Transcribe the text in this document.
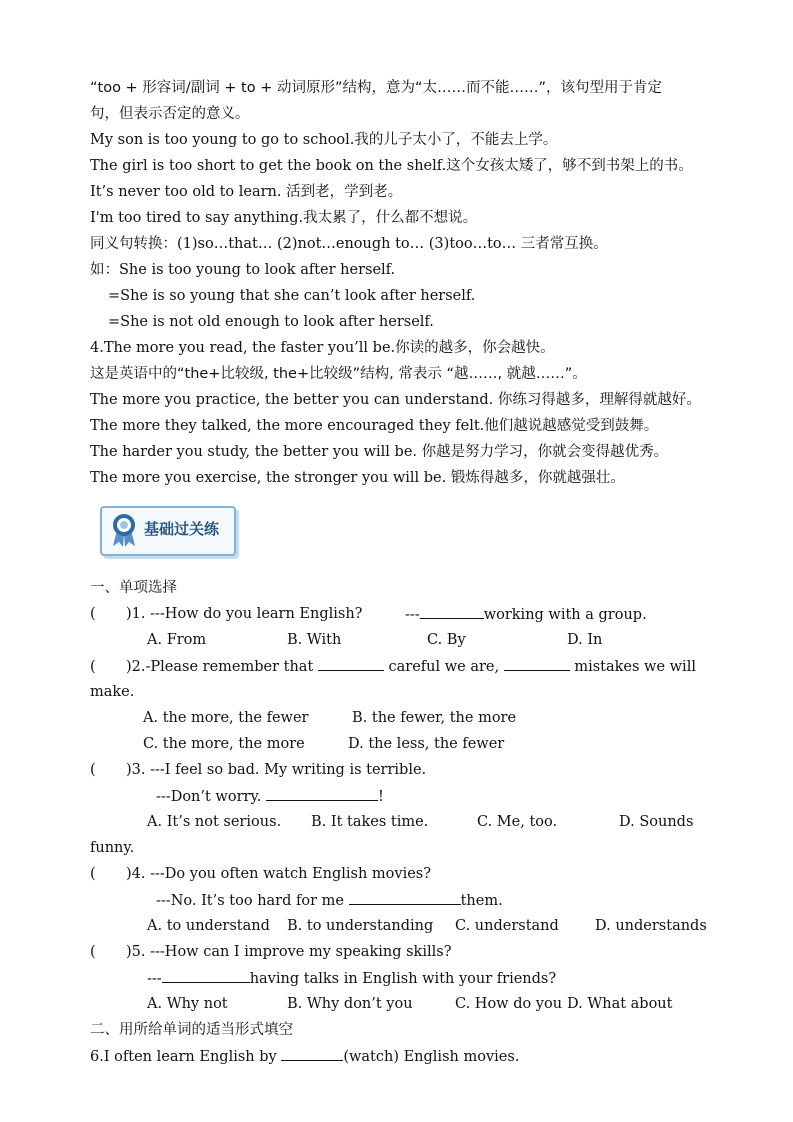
“too + 形容词/副词 + to + 动词原形”结构，意为“太……而不能……”，该句型用于肯定
句，但表示否定的意义。
My son is too young to go to school.我的儿子太小了，不能去上学。
The girl is too short to get the book on the shelf.这个女孩太矮了，够不到书架上的书。
It’s never too old to learn. 活到老，学到老。
I'm too tired to say anything.我太累了，什么都不想说。
同义句转换：(1)so…that… (2)not…enough to… (3)too…to… 三者常互换。
如：She is too young to look after herself.
=She is so young that she can’t look after herself.
=She is not old enough to look after herself.
4.The more you read, the faster you’ll be.你读的越多，你会越快。
这是英语中的“the+比较级, the+比较级”结构, 常表示 “越……, 就越……”。
The more you practice, the better you can understand. 你练习得越多，理解得就越好。
The more they talked, the more encouraged they felt.他们越说越感觉受到鼓舞。
The harder you study, the better you will be. 你越是努力学习，你就会变得越优秀。
The more you exercise, the stronger you will be. 锻炼得越多，你就越强壮。
基础过关练
一、单项选择
( )1. ---How do you learn English?	---	working with a group.
A. From	B. With	C. By	D. In
( )2.-Please remember that	careful we are,	mistakes we will
make.
A. the more, the fewer	B. the fewer, the more
C. the more, the more	D. the less, the fewer
( )3. ---I feel so bad. My writing is terrible.
---Don’t worry.	!
A. It’s not serious. B. It takes time.	C. Me, too.	D. Sounds
funny.
( )4. ---Do you often watch English movies?
---No. It’s too hard for me	them.
A. to understand B. to understanding C. understand D. understands
( )5. ---How can I improve my speaking skills?
---	having talks in English with your friends?
A. Why not	B. Why don’t you	C. How do you D. What about
二、用所给单词的适当形式填空
6.I often learn English by	(watch) English movies.
